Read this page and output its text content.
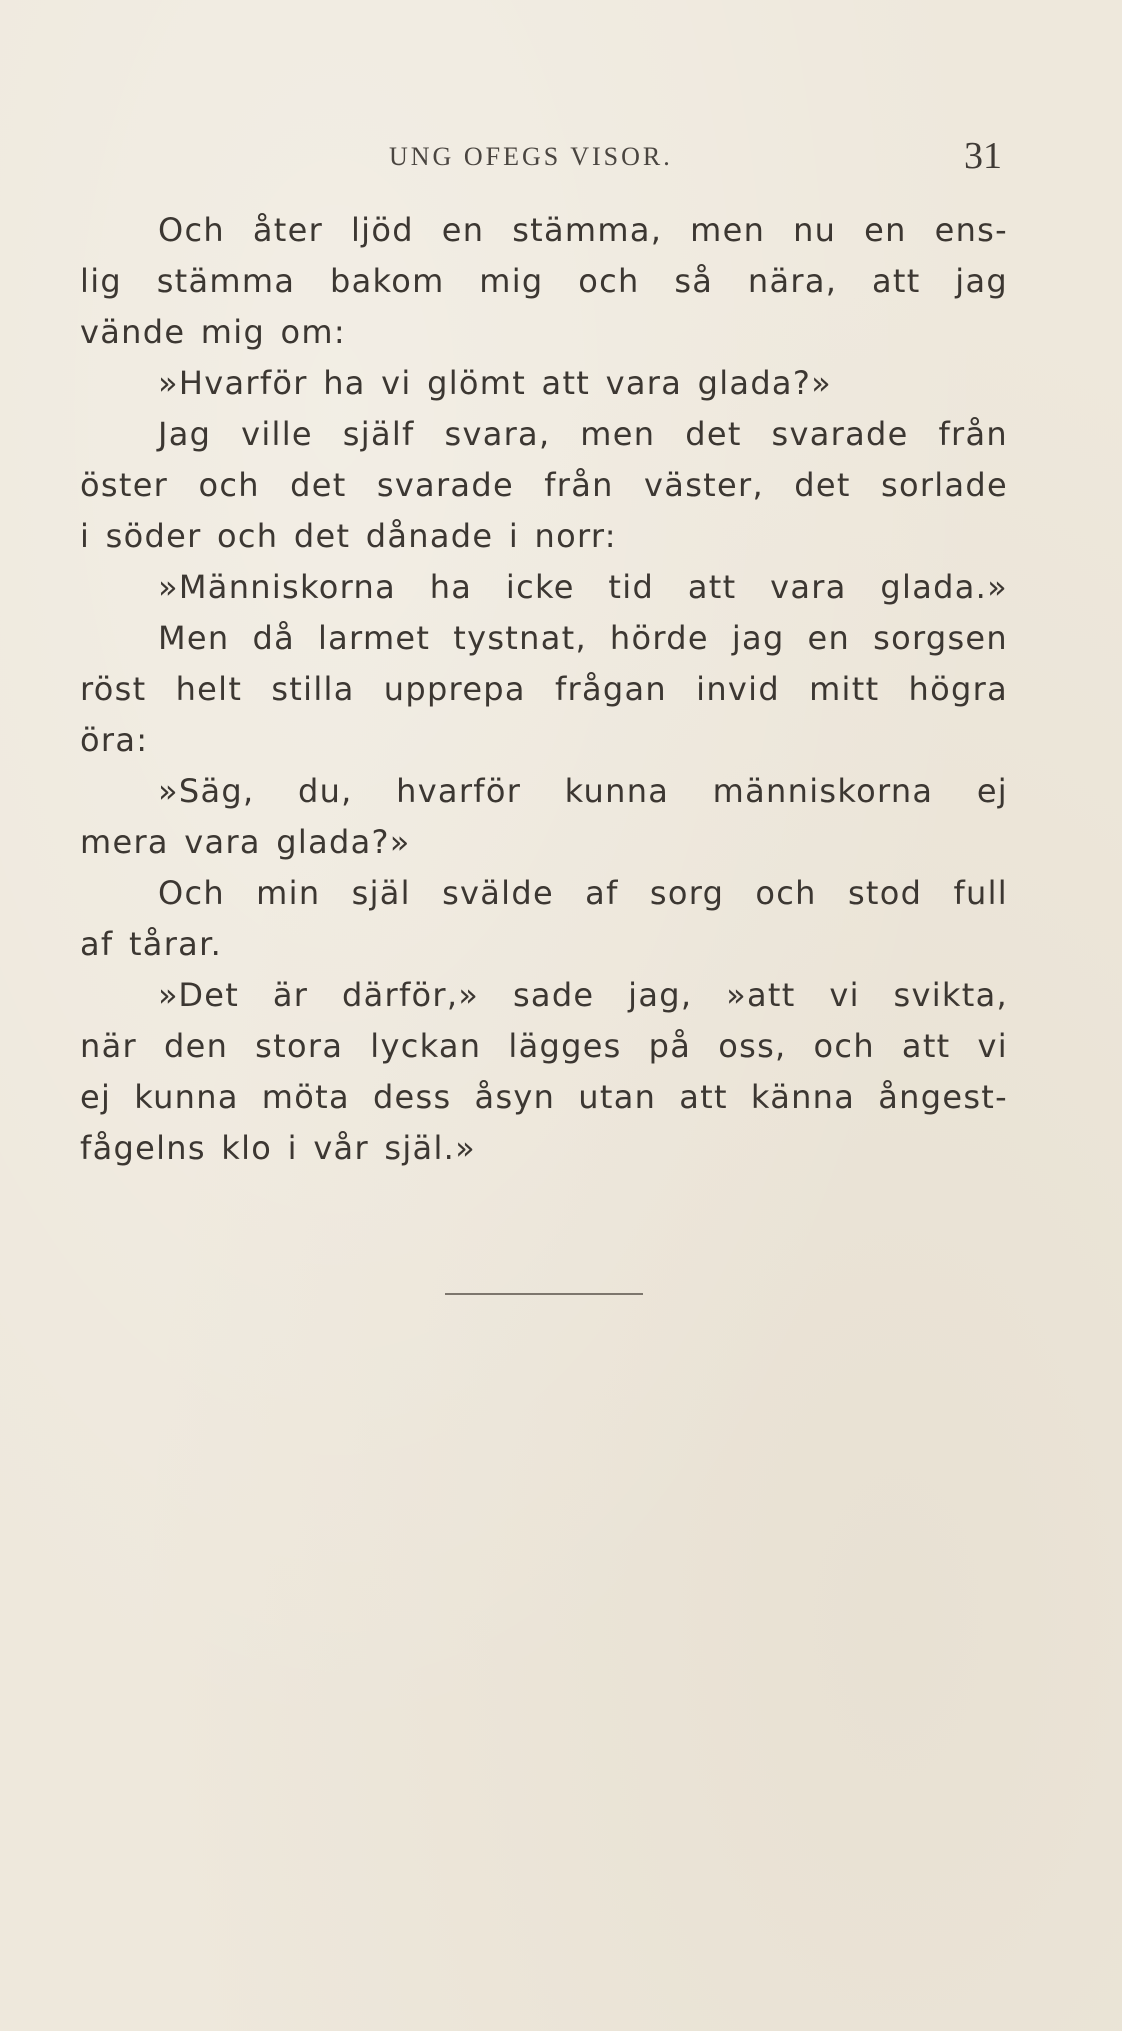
UNG OFEGS VISOR.	31
Och åter ljöd en stämma, men nu en ens-
lig stämma bakom mig och så nära, att jag
vände mig om:
»Hvarför ha vi glömt att vara glada?»
Jag ville själf svara, men det svarade från
öster och det svarade från väster, det sorlade
i söder och det dånade i norr:
»Människorna ha icke tid att vara glada.»
Men då larmet tystnat, hörde jag en sorgsen
röst helt stilla upprepa frågan invid mitt högra
öra:
»Säg, du, hvarför kunna människorna ej
mera vara glada?»
Och min själ svälde af sorg och stod full
af tårar.
»Det är därför,» sade jag, »att vi svikta,
när den stora lyckan lägges på oss, och att vi
ej kunna möta dess åsyn utan att känna ångest-
fågelns klo i vår själ.»
